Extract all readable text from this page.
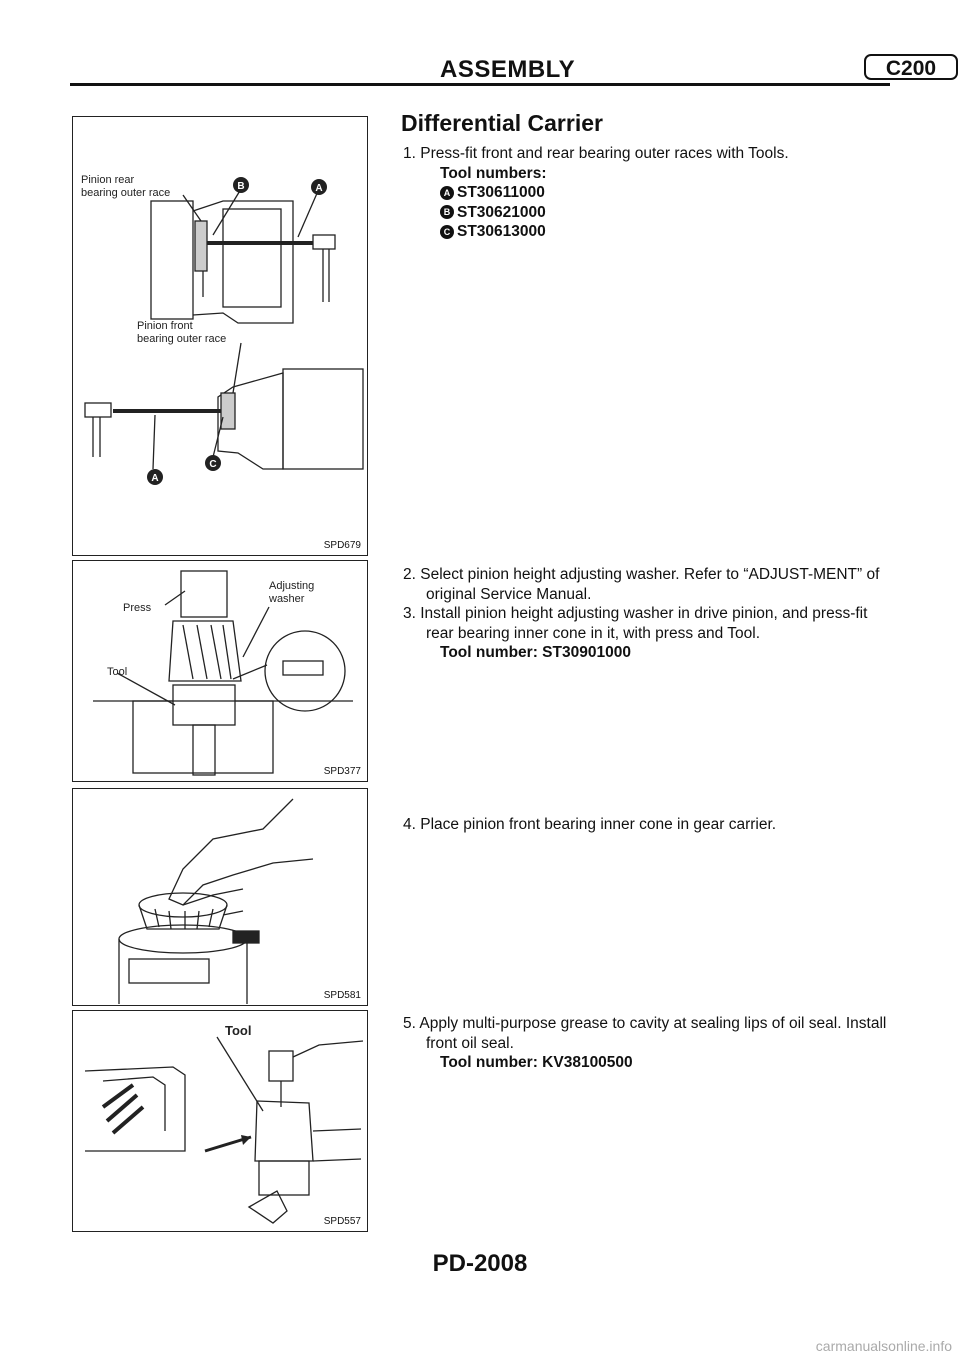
ASSEMBLY	C200
B	A
A
C
Pinion rear bearing outer race
Pinion front bearing outer race
SPD679
Press
Tool
Adjusting washer
SPD377
SPD581
Tool
SPD557
Differential Carrier
1. Press-fit front and rear bearing outer races with Tools.
Tool numbers:
A ST30611000
B ST30621000
C ST30613000
2. Select pinion height adjusting washer. Refer to “ADJUST-MENT” of original Service Manual.
3. Install pinion height adjusting washer in drive pinion, and press-fit rear bearing inner cone in it, with press and Tool.
Tool number: ST30901000
4. Place pinion front bearing inner cone in gear carrier.
5. Apply multi-purpose grease to cavity at sealing lips of oil seal. Install front oil seal.
Tool number: KV38100500
PD-2008
carmanualsonline.info
